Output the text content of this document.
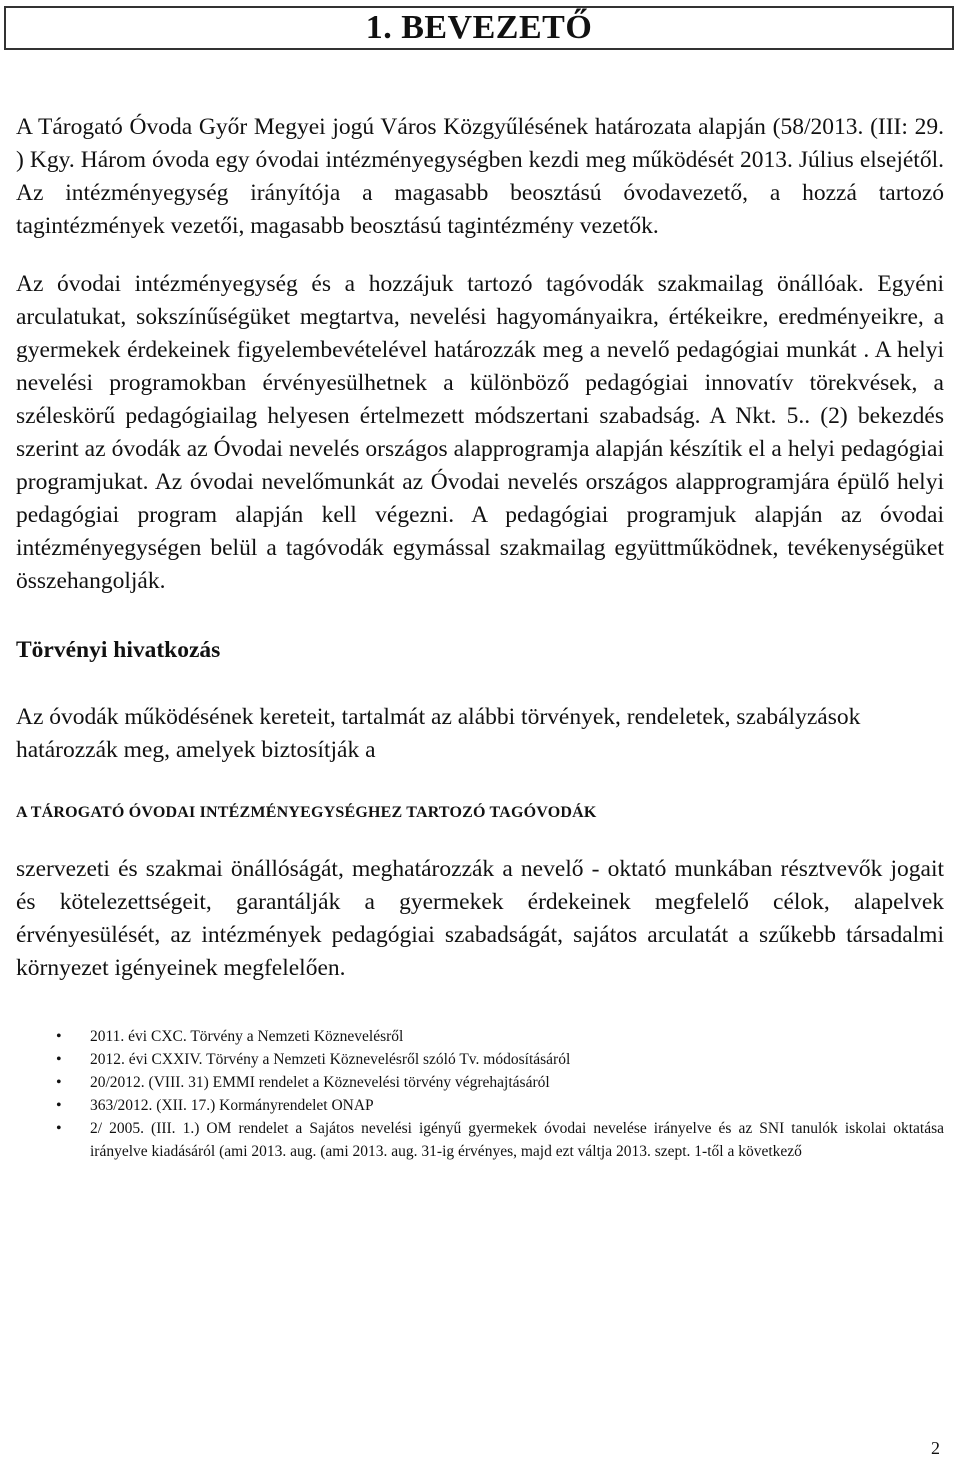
1. BEVEZETŐ

A Tárogató Óvoda Győr Megyei jogú Város Közgyűlésének határozata alapján (58/2013. (III: 29. ) Kgy. Három óvoda egy óvodai intézményegységben kezdi meg működését 2013. Július elsejétől. Az intézményegység irányítója a magasabb beosztású óvodavezető, a hozzá tartozó tagintézmények vezetői, magasabb beosztású tagintézmény vezetők.

Az óvodai intézményegység és a hozzájuk tartozó tagóvodák szakmailag önállóak. Egyéni arculatukat, sokszínűségüket megtartva, nevelési hagyományaikra, értékeikre, eredményeikre, a gyermekek érdekeinek figyelembevételével határozzák meg a nevelő pedagógiai munkát . A helyi nevelési programokban érvényesülhetnek a különböző pedagógiai innovatív törekvések, a széleskörű pedagógiailag helyesen értelmezett módszertani szabadság. A Nkt. 5.. (2) bekezdés szerint az óvodák az Óvodai nevelés országos alapprogramja alapján készítik el a helyi pedagógiai programjukat. Az óvodai nevelőmunkát az Óvodai nevelés országos alapprogramjára épülő helyi pedagógiai program alapján kell végezni. A pedagógiai programjuk alapján az óvodai intézményegységen belül a tagóvodák egymással szakmailag együttműködnek, tevékenységüket összehangolják.

Törvényi hivatkozás

Az óvodák működésének kereteit, tartalmát az alábbi törvények, rendeletek, szabályzások határozzák meg, amelyek biztosítják a

A TÁROGATÓ ÓVODAI INTÉZMÉNYEGYSÉGHEZ TARTOZÓ TAGÓVODÁK

szervezeti és szakmai önállóságát, meghatározzák a nevelő - oktató munkában résztvevők jogait és kötelezettségeit, garantálják a gyermekek érdekeinek megfelelő célok, alapelvek érvényesülését, az intézmények pedagógiai szabadságát, sajátos arculatát a szűkebb társadalmi környezet igényeinek megfelelően.

• 2011. évi CXC. Törvény a Nemzeti Köznevelésről
• 2012. évi CXXIV. Törvény a Nemzeti Köznevelésről szóló Tv. módosításáról
• 20/2012. (VIII. 31) EMMI rendelet a Köznevelési törvény végrehajtásáról
• 363/2012. (XII. 17.) Kormányrendelet ONAP
• 2/ 2005. (III. 1.) OM rendelet a Sajátos nevelési igényű gyermekek óvodai nevelése irányelve és az SNI tanulók iskolai oktatása irányelve kiadásáról (ami 2013. aug. (ami 2013. aug. 31-ig érvényes, majd ezt váltja 2013. szept. 1-től a következő
2
